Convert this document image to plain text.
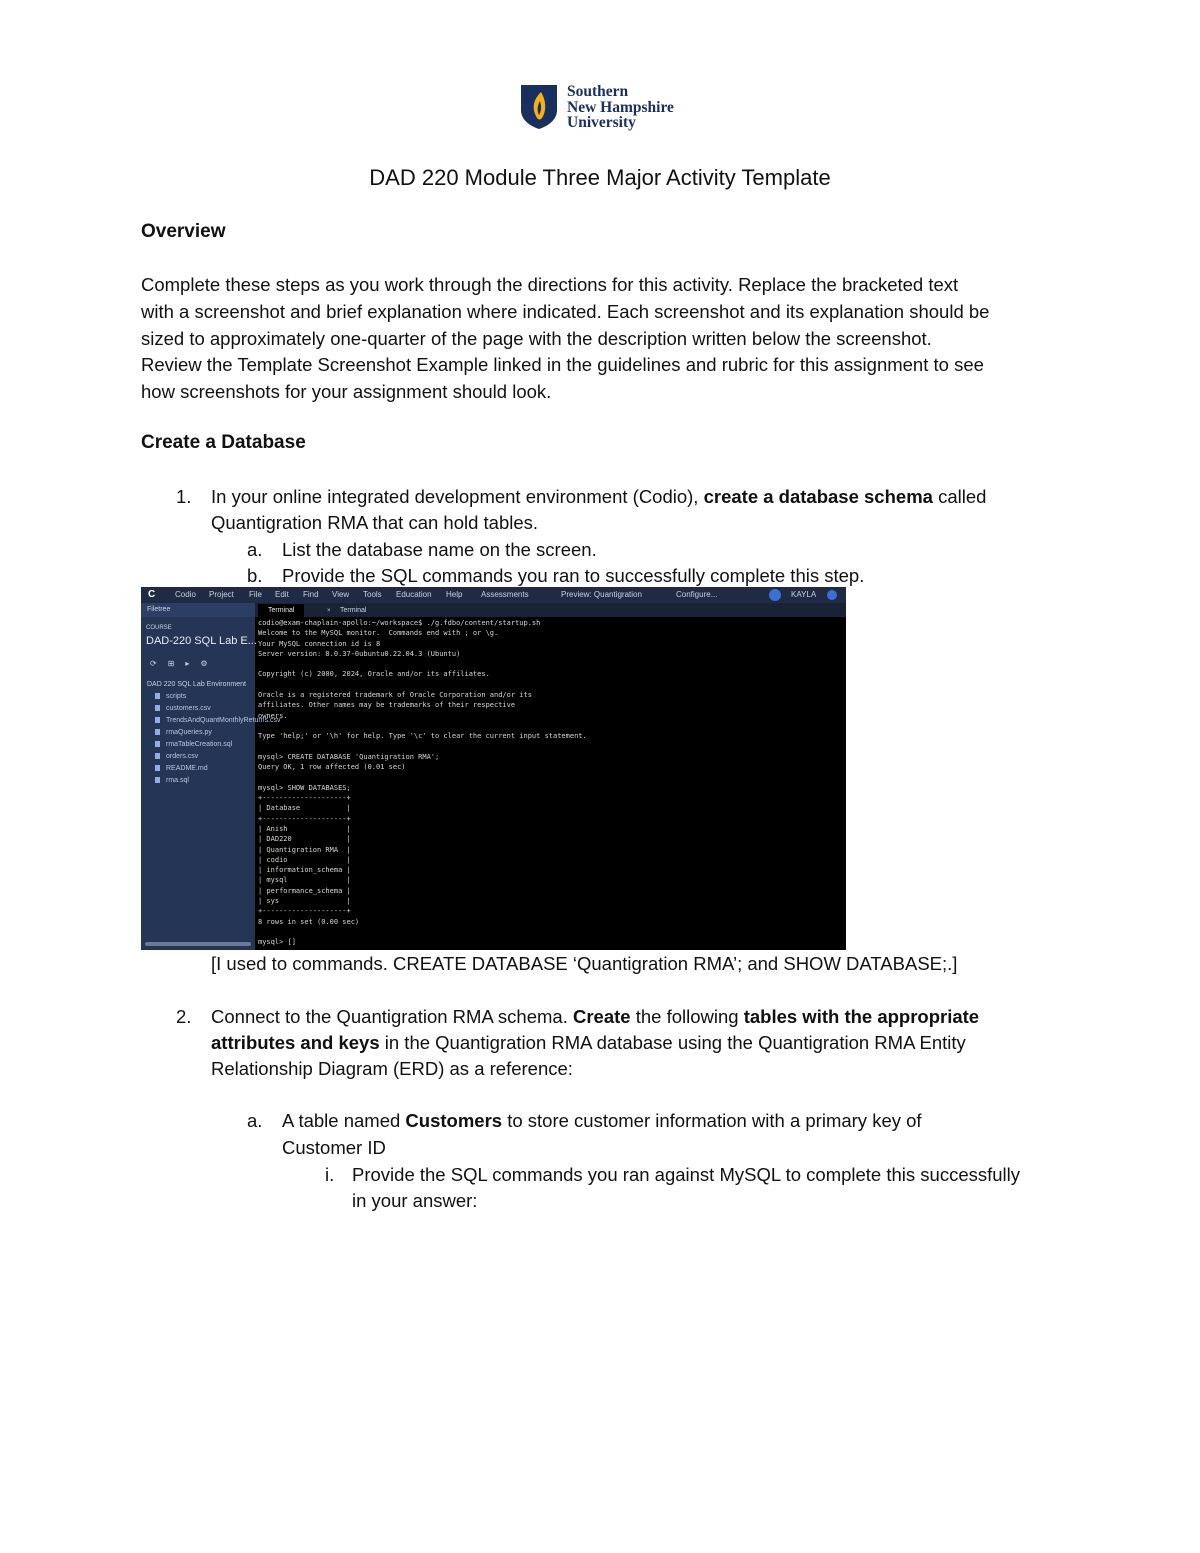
Southern
New Hampshire
University
DAD 220 Module Three Major Activity Template
Overview
Complete these steps as you work through the directions for this activity. Replace the bracketed text
with a screenshot and brief explanation where indicated. Each screenshot and its explanation should be
sized to approximately one-quarter of the page with the description written below the screenshot.
Review the Template Screenshot Example linked in the guidelines and rubric for this assignment to see
how screenshots for your assignment should look.
Create a Database
1. In your online integrated development environment (Codio), create a database schema called
Quantigration RMA that can hold tables.
a. List the database name on the screen.
b. Provide the SQL commands you ran to successfully complete this step.
C Codio Project File Edit Find View Tools Education Help Assessments	Preview: Quantigration	Configure...	KAYLA
Filetree
COURSE
DAD-220 SQL Lab E...
⟳⊞▸⚙
DAD 220 SQL Lab Environment
scripts
customers.csv
TrendsAndQuantMonthlyReturns.csv
rmaQueries.py
rmaTableCreation.sql
orders.csv
README.md
rma.sql
Terminal	×	Terminal
codio@exam-chaplain-apollo:~/workspace$ ./g.fdbo/content/startup.sh
Welcome to the MySQL monitor.  Commands end with ; or \g.
Your MySQL connection id is 8
Server version: 8.0.37-0ubuntu0.22.04.3 (Ubuntu)

Copyright (c) 2000, 2024, Oracle and/or its affiliates.

Oracle is a registered trademark of Oracle Corporation and/or its
affiliates. Other names may be trademarks of their respective
owners.

Type 'help;' or '\h' for help. Type '\c' to clear the current input statement.

mysql> CREATE DATABASE 'Quantigration RMA';
Query OK, 1 row affected (0.01 sec)

mysql> SHOW DATABASES;
+--------------------+
| Database           |
+--------------------+
| Anish              |
| DAD220             |
| Quantigration RMA  |
| codio              |
| information_schema |
| mysql              |
| performance_schema |
| sys                |
+--------------------+
8 rows in set (0.00 sec)

mysql> []
[I used to commands. CREATE DATABASE ‘Quantigration RMA’; and SHOW DATABASE;.]
2. Connect to the Quantigration RMA schema. Create the following tables with the appropriate
attributes and keys in the Quantigration RMA database using the Quantigration RMA Entity
Relationship Diagram (ERD) as a reference:
a. A table named Customers to store customer information with a primary key of
Customer ID
i. Provide the SQL commands you ran against MySQL to complete this successfully
in your answer:
